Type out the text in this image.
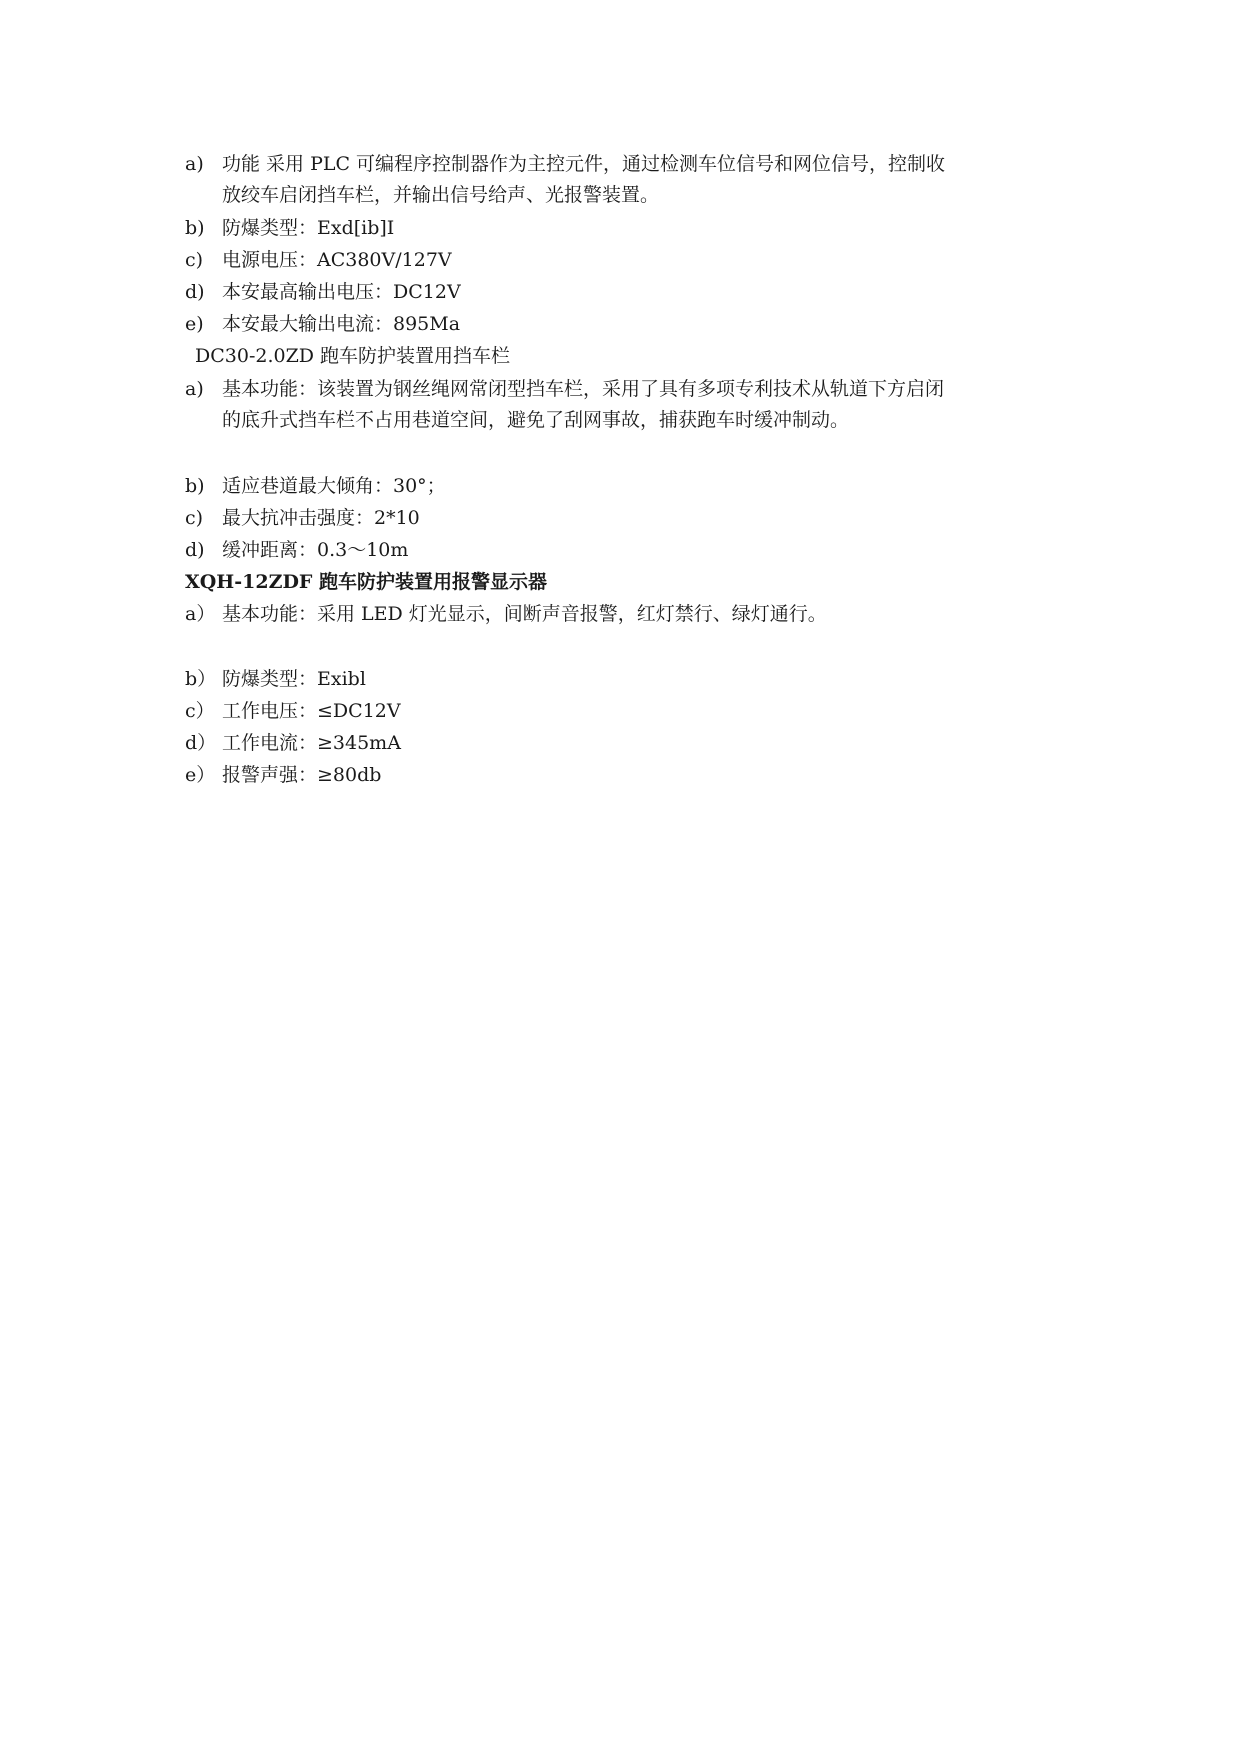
a) 功能 采用 PLC 可编程序控制器作为主控元件，通过检测车位信号和网位信号，控制收
放绞车启闭挡车栏，并输出信号给声、光报警装置。
b) 防爆类型：Exd[ib]I
c) 电源电压：AC380V/127V
d) 本安最高输出电压：DC12V
e) 本安最大输出电流：895Ma
DC30-2.0ZD 跑车防护装置用挡车栏
a) 基本功能：该装置为钢丝绳网常闭型挡车栏，采用了具有多项专利技术从轨道下方启闭
的底升式挡车栏不占用巷道空间，避免了刮网事故，捕获跑车时缓冲制动。
b) 适应巷道最大倾角：30°；
c) 最大抗冲击强度：2*10
d) 缓冲距离：0.3～10m
XQH-12ZDF 跑车防护装置用报警显示器
a） 基本功能：采用 LED 灯光显示，间断声音报警，红灯禁行、绿灯通行。
b） 防爆类型：Exibl
c） 工作电压：≤DC12V
d） 工作电流：≥345mA
e） 报警声强：≥80db
